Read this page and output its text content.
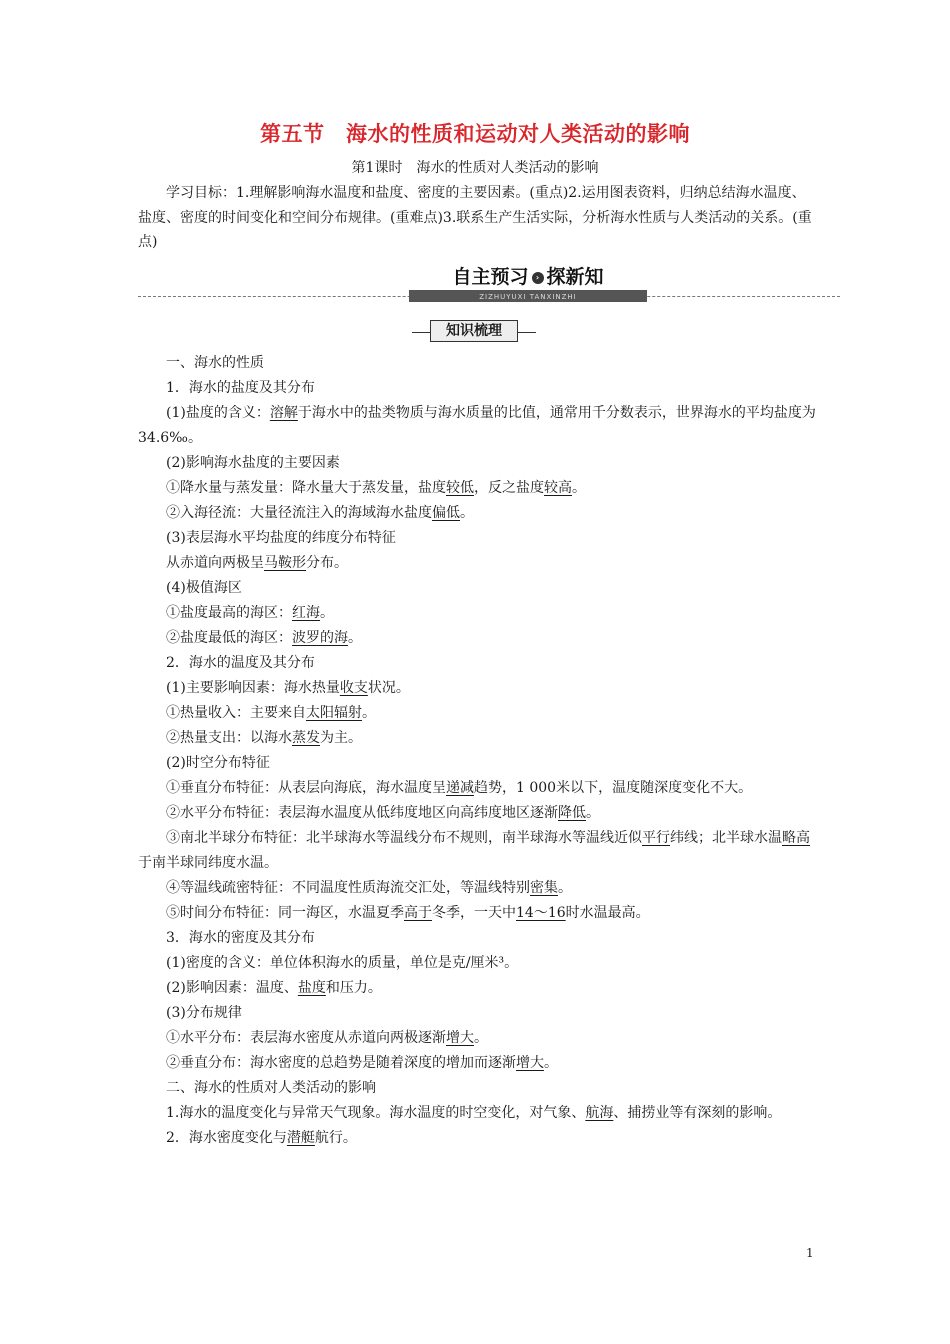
第五节　海水的性质和运动对人类活动的影响
第1课时　海水的性质对人类活动的影响
学习目标：1.理解影响海水温度和盐度、密度的主要因素。(重点)2.运用图表资料，归纳总结海水温度、盐度、密度的时间变化和空间分布规律。(重难点)3.联系生产生活实际，分析海水性质与人类活动的关系。(重点)
自主预习 › 探新知
ZIZHUYUXI TANXINZHI
知识梳理

一、海水的性质

1．海水的盐度及其分布

(1)盐度的含义：溶解于海水中的盐类物质与海水质量的比值，通常用千分数表示，世界海水的平均盐度为34.6‰。

(2)影响海水盐度的主要因素

①降水量与蒸发量：降水量大于蒸发量，盐度较低，反之盐度较高。

②入海径流：大量径流注入的海域海水盐度偏低。

(3)表层海水平均盐度的纬度分布特征

从赤道向两极呈马鞍形分布。

(4)极值海区

①盐度最高的海区：红海。

②盐度最低的海区：波罗的海。

2．海水的温度及其分布

(1)主要影响因素：海水热量收支状况。

①热量收入：主要来自太阳辐射。

②热量支出：以海水蒸发为主。

(2)时空分布特征

①垂直分布特征：从表层向海底，海水温度呈递减趋势，1 000米以下，温度随深度变化不大。

②水平分布特征：表层海水温度从低纬度地区向高纬度地区逐渐降低。

③南北半球分布特征：北半球海水等温线分布不规则，南半球海水等温线近似平行纬线；北半球水温略高于南半球同纬度水温。

④等温线疏密特征：不同温度性质海流交汇处，等温线特别密集。

⑤时间分布特征：同一海区，水温夏季高于冬季，一天中14～16时水温最高。

3．海水的密度及其分布

(1)密度的含义：单位体积海水的质量，单位是克/厘米³。

(2)影响因素：温度、盐度和压力。

(3)分布规律

①水平分布：表层海水密度从赤道向两极逐渐增大。

②垂直分布：海水密度的总趋势是随着深度的增加而逐渐增大。

二、海水的性质对人类活动的影响

1.海水的温度变化与异常天气现象。海水温度的时空变化，对气象、航海、捕捞业等有深刻的影响。

2．海水密度变化与潜艇航行。

1
